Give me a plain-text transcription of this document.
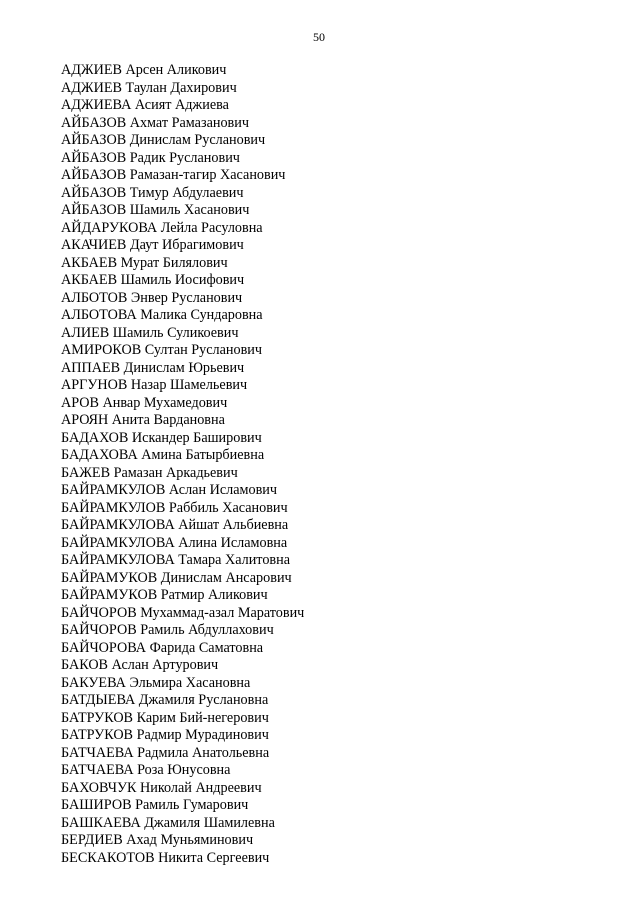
50
АДЖИЕВ Арсен Аликович
АДЖИЕВ Таулан Дахирович
АДЖИЕВА Асият Аджиева
АЙБАЗОВ Ахмат Рамазанович
АЙБАЗОВ Динислам Русланович
АЙБАЗОВ Радик Русланович
АЙБАЗОВ Рамазан-тагир Хасанович
АЙБАЗОВ Тимур Абдулаевич
АЙБАЗОВ Шамиль Хасанович
АЙДАРУКОВА Лейла Расуловна
АКАЧИЕВ Даут Ибрагимович
АКБАЕВ Мурат Билялович
АКБАЕВ Шамиль Иосифович
АЛБОТОВ Энвер Русланович
АЛБОТОВА Малика Сундаровна
АЛИЕВ Шамиль Суликоевич
АМИРОКОВ Султан Русланович
АППАЕВ Динислам Юрьевич
АРГУНОВ Назар Шамельевич
АРОВ Анвар Мухамедович
АРОЯН Анита Вардановна
БАДАХОВ Искандер Баширович
БАДАХОВА Амина Батырбиевна
БАЖЕВ Рамазан Аркадьевич
БАЙРАМКУЛОВ Аслан Исламович
БАЙРАМКУЛОВ Раббиль Хасанович
БАЙРАМКУЛОВА Айшат Альбиевна
БАЙРАМКУЛОВА Алина Исламовна
БАЙРАМКУЛОВА Тамара Халитовна
БАЙРАМУКОВ Динислам Ансарович
БАЙРАМУКОВ Ратмир Аликович
БАЙЧОРОВ Мухаммад-азал Маратович
БАЙЧОРОВ Рамиль Абдуллахович
БАЙЧОРОВА Фарида Саматовна
БАКОВ Аслан Артурович
БАКУЕВА Эльмира Хасановна
БАТДЫЕВА Джамиля Руслановна
БАТРУКОВ Карим Бий-негерович
БАТРУКОВ Радмир Мурадинович
БАТЧАЕВА Радмила Анатольевна
БАТЧАЕВА Роза Юнусовна
БАХОВЧУК Николай Андреевич
БАШИРОВ Рамиль Гумарович
БАШКАЕВА Джамиля Шамилевна
БЕРДИЕВ Ахад Муньяминович
БЕСКАКОТОВ Никита Сергеевич
